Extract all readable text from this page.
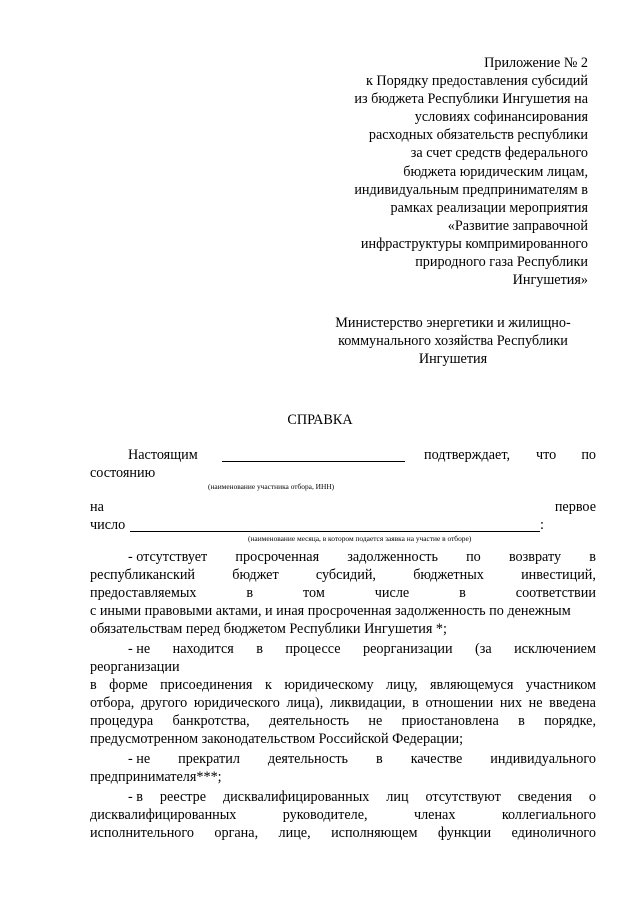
Приложение № 2
к Порядку предоставления субсидий
из бюджета Республики Ингушетия на
условиях софинансирования
расходных обязательств республики
за счет средств федерального
бюджета юридическим лицам,
индивидуальным предпринимателям в
рамках реализации мероприятия
«Развитие заправочной
инфраструктуры компримированного
природного газа Республики
Ингушетия»
Министерство энергетики и жилищно-
коммунального хозяйства Республики
Ингушетия
СПРАВКА
Настоящим	подтверждает, что по
состоянию
(наименование участника отбора, ИНН)
на	первое
число	:
(наименование месяца, в котором подается заявка на участие в отборе)
- отсутствует просроченная задолженность по возврату в
республиканский	бюджет	субсидий,	бюджетных	инвестиций,
предоставляемых	в	том	числе	в	соответствии
с иными правовыми актами, и иная просроченная задолженность по денежным
обязательствам перед бюджетом Республики Ингушетия *;
- не находится в процессе реорганизации (за исключением
реорганизации
в форме присоединения к юридическому лицу, являющемуся участником
отбора, другого юридического лица), ликвидации, в отношении них не введена
процедура банкротства, деятельность не приостановлена в порядке,
предусмотренном законодательством Российской Федерации;
- не прекратил деятельность в качестве индивидуального
предпринимателя***;
- в реестре дисквалифицированных лиц отсутствуют сведения о
дисквалифицированных	руководителе,	членах	коллегиального
исполнительного органа, лице, исполняющем функции единоличного
